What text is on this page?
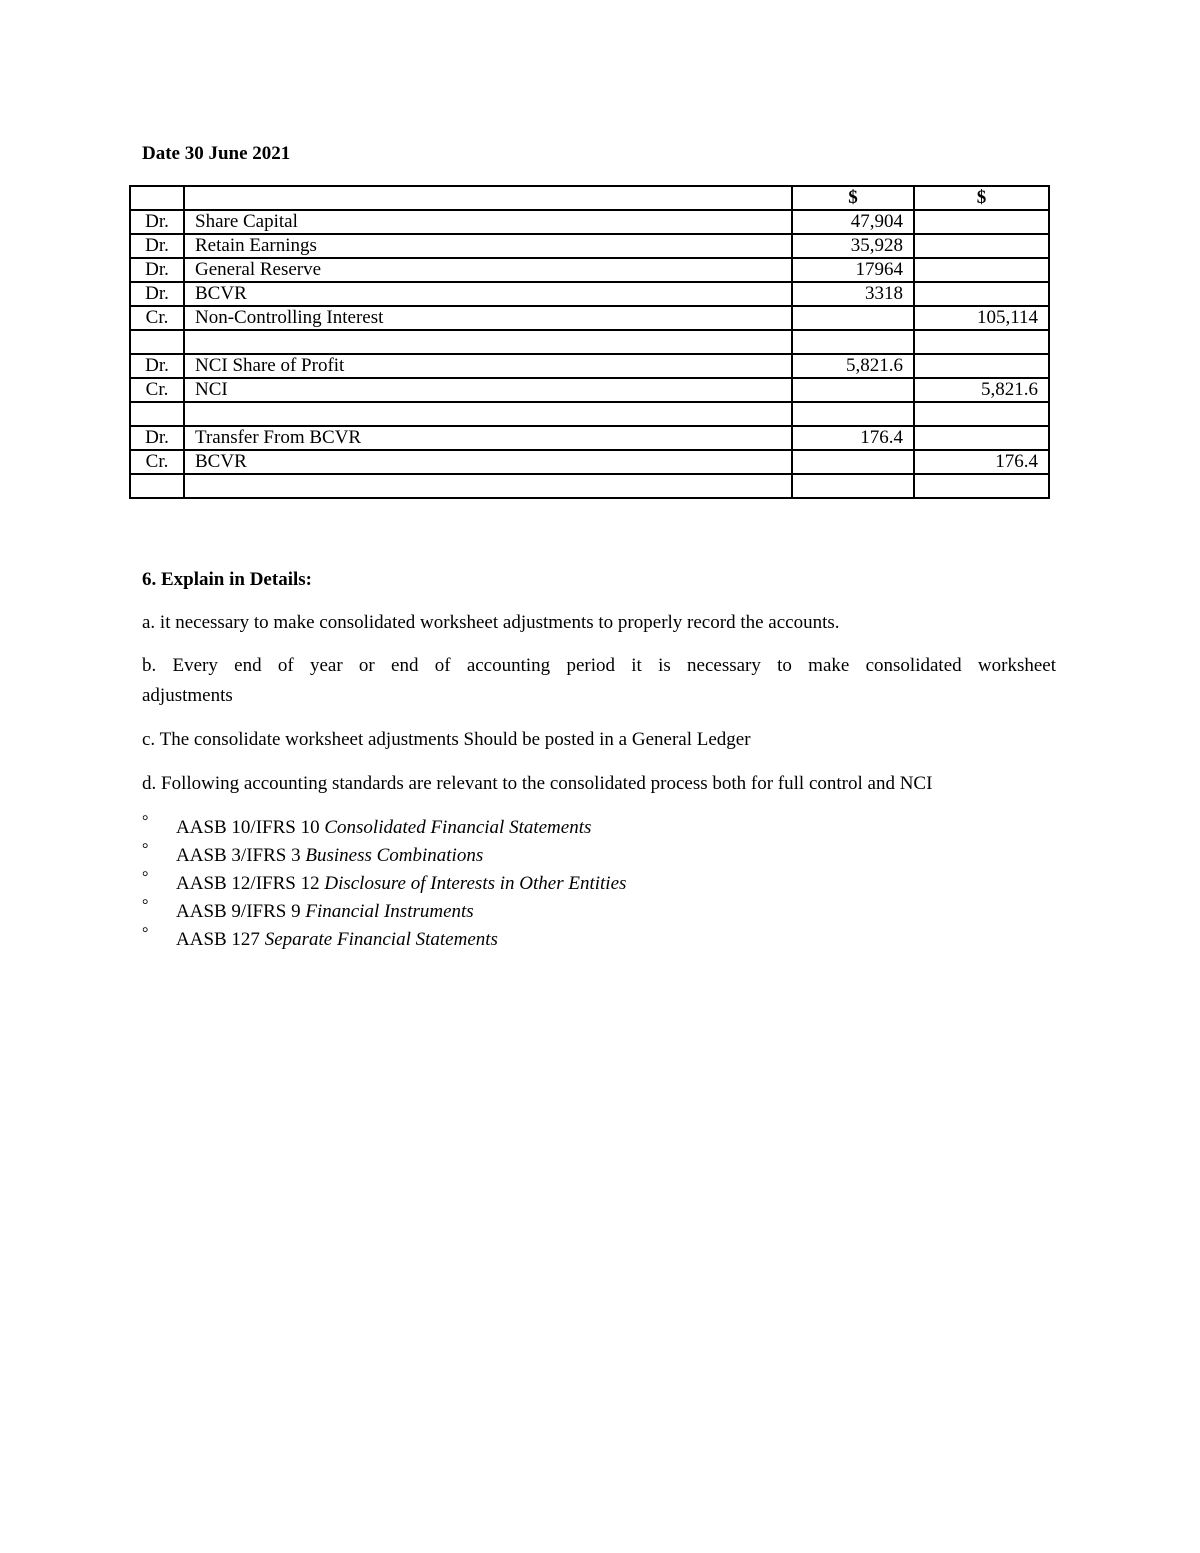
Date 30 June 2021
		$	$
Dr.	Share Capital	47,904	
Dr.	Retain Earnings	35,928	
Dr.	General Reserve	17964	
Dr.	BCVR	3318	
Cr.	Non-Controlling Interest		105,114

Dr.	NCI Share of Profit	5,821.6	
Cr.	NCI		5,821.6

Dr.	Transfer From BCVR	176.4	
Cr.	BCVR		176.4

6. Explain in Details:
a. it necessary to make consolidated worksheet adjustments to properly record the accounts.
b. Every end of year or end of accounting period it is necessary to make consolidated worksheet
adjustments
c. The consolidate worksheet adjustments Should be posted in a General Ledger
d. Following accounting standards are relevant to the consolidated process both for full control and NCI
° AASB 10/IFRS 10 Consolidated Financial Statements
° AASB 3/IFRS 3 Business Combinations
° AASB 12/IFRS 12 Disclosure of Interests in Other Entities
° AASB 9/IFRS 9 Financial Instruments
° AASB 127 Separate Financial Statements
